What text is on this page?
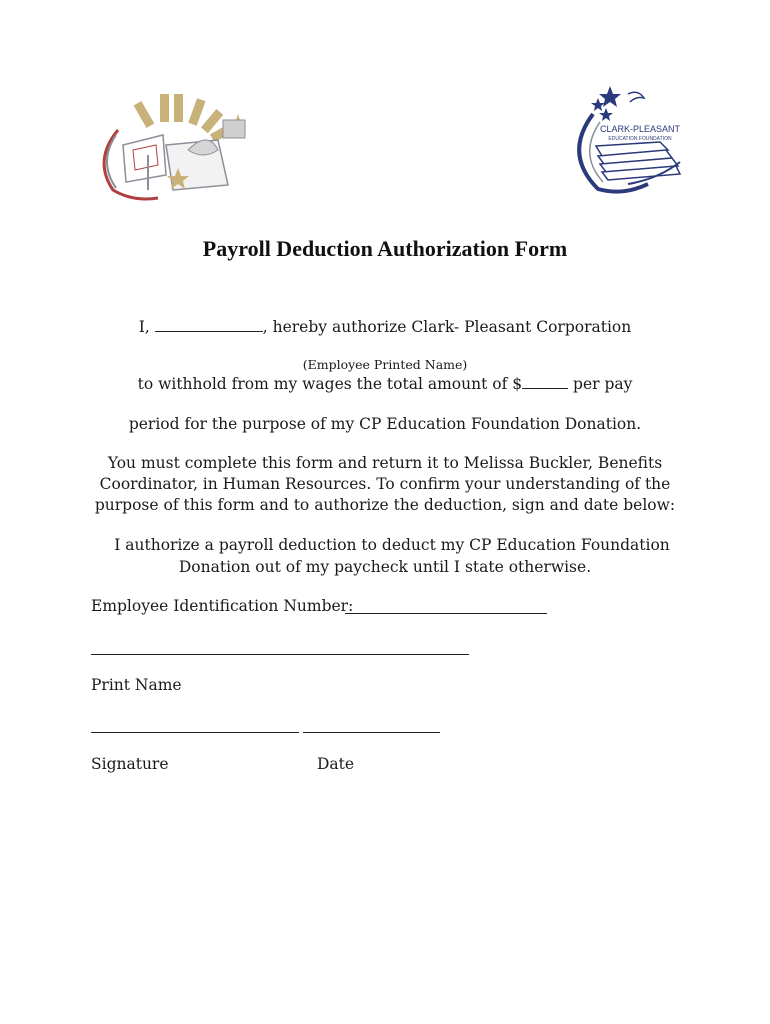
CLARK-PLEASANT
EDUCATION FOUNDATION
Payroll Deduction Authorization Form
I,	, hereby authorize Clark- Pleasant Corporation
(Employee Printed Name)
to withhold from my wages the total amount of $	per pay
period for the purpose of my CP Education Foundation Donation.
You must complete this form and return it to Melissa Buckler, Benefits
Coordinator, in Human Resources. To confirm your understanding of the
purpose of this form and to authorize the deduction, sign and date below:
I authorize a payroll deduction to deduct my CP Education Foundation
Donation out of my paycheck until I state otherwise.
Employee Identification Number:
Print Name
Signature	Date
